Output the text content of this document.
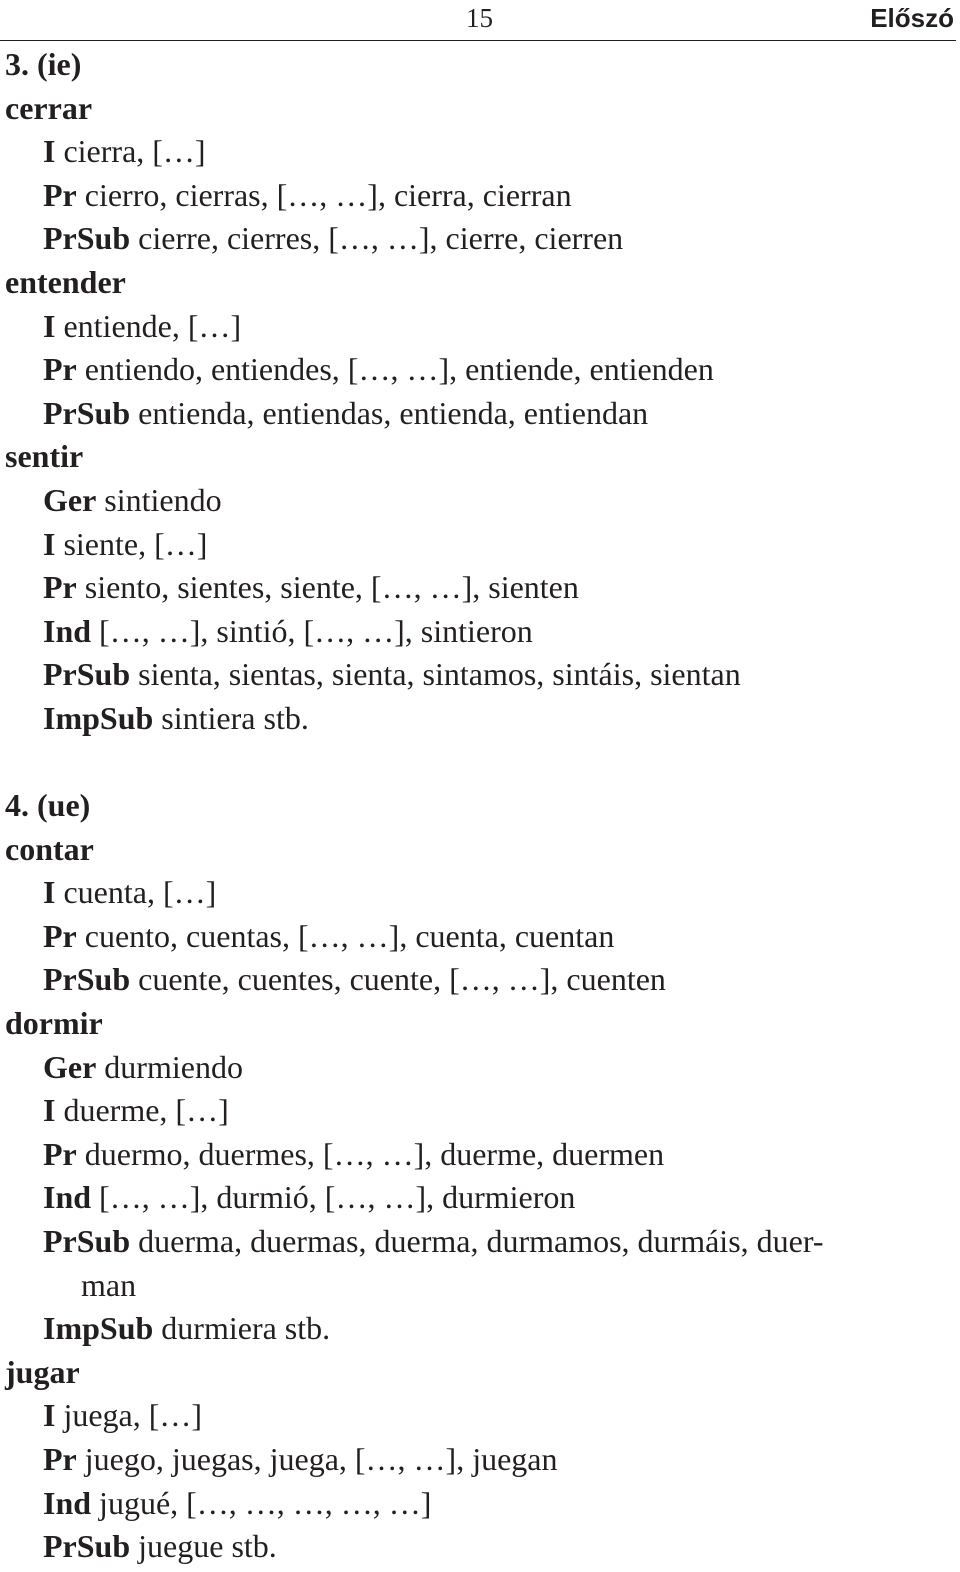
15	Előszó
3. (ie)
cerrar
I cierra, […]
Pr cierro, cierras, […, …], cierra, cierran
PrSub cierre, cierres, […, …], cierre, cierren
entender
I entiende, […]
Pr entiendo, entiendes, […, …], entiende, entienden
PrSub entienda, entiendas, entienda, entiendan
sentir
Ger sintiendo
I siente, […]
Pr siento, sientes, siente, […, …], sienten
Ind […, …], sintió, […, …], sintieron
PrSub sienta, sientas, sienta, sintamos, sintáis, sientan
ImpSub sintiera stb.
4. (ue)
contar
I cuenta, […]
Pr cuento, cuentas, […, …], cuenta, cuentan
PrSub cuente, cuentes, cuente, […, …], cuenten
dormir
Ger durmiendo
I duerme, […]
Pr duermo, duermes, […, …], duerme, duermen
Ind […, …], durmió, […, …], durmieron
PrSub duerma, duermas, duerma, durmamos, durmáis, duer-
man
ImpSub durmiera stb.
jugar
I juega, […]
Pr juego, juegas, juega, […, …], juegan
Ind jugué, […, …, …, …, …]
PrSub juegue stb.
